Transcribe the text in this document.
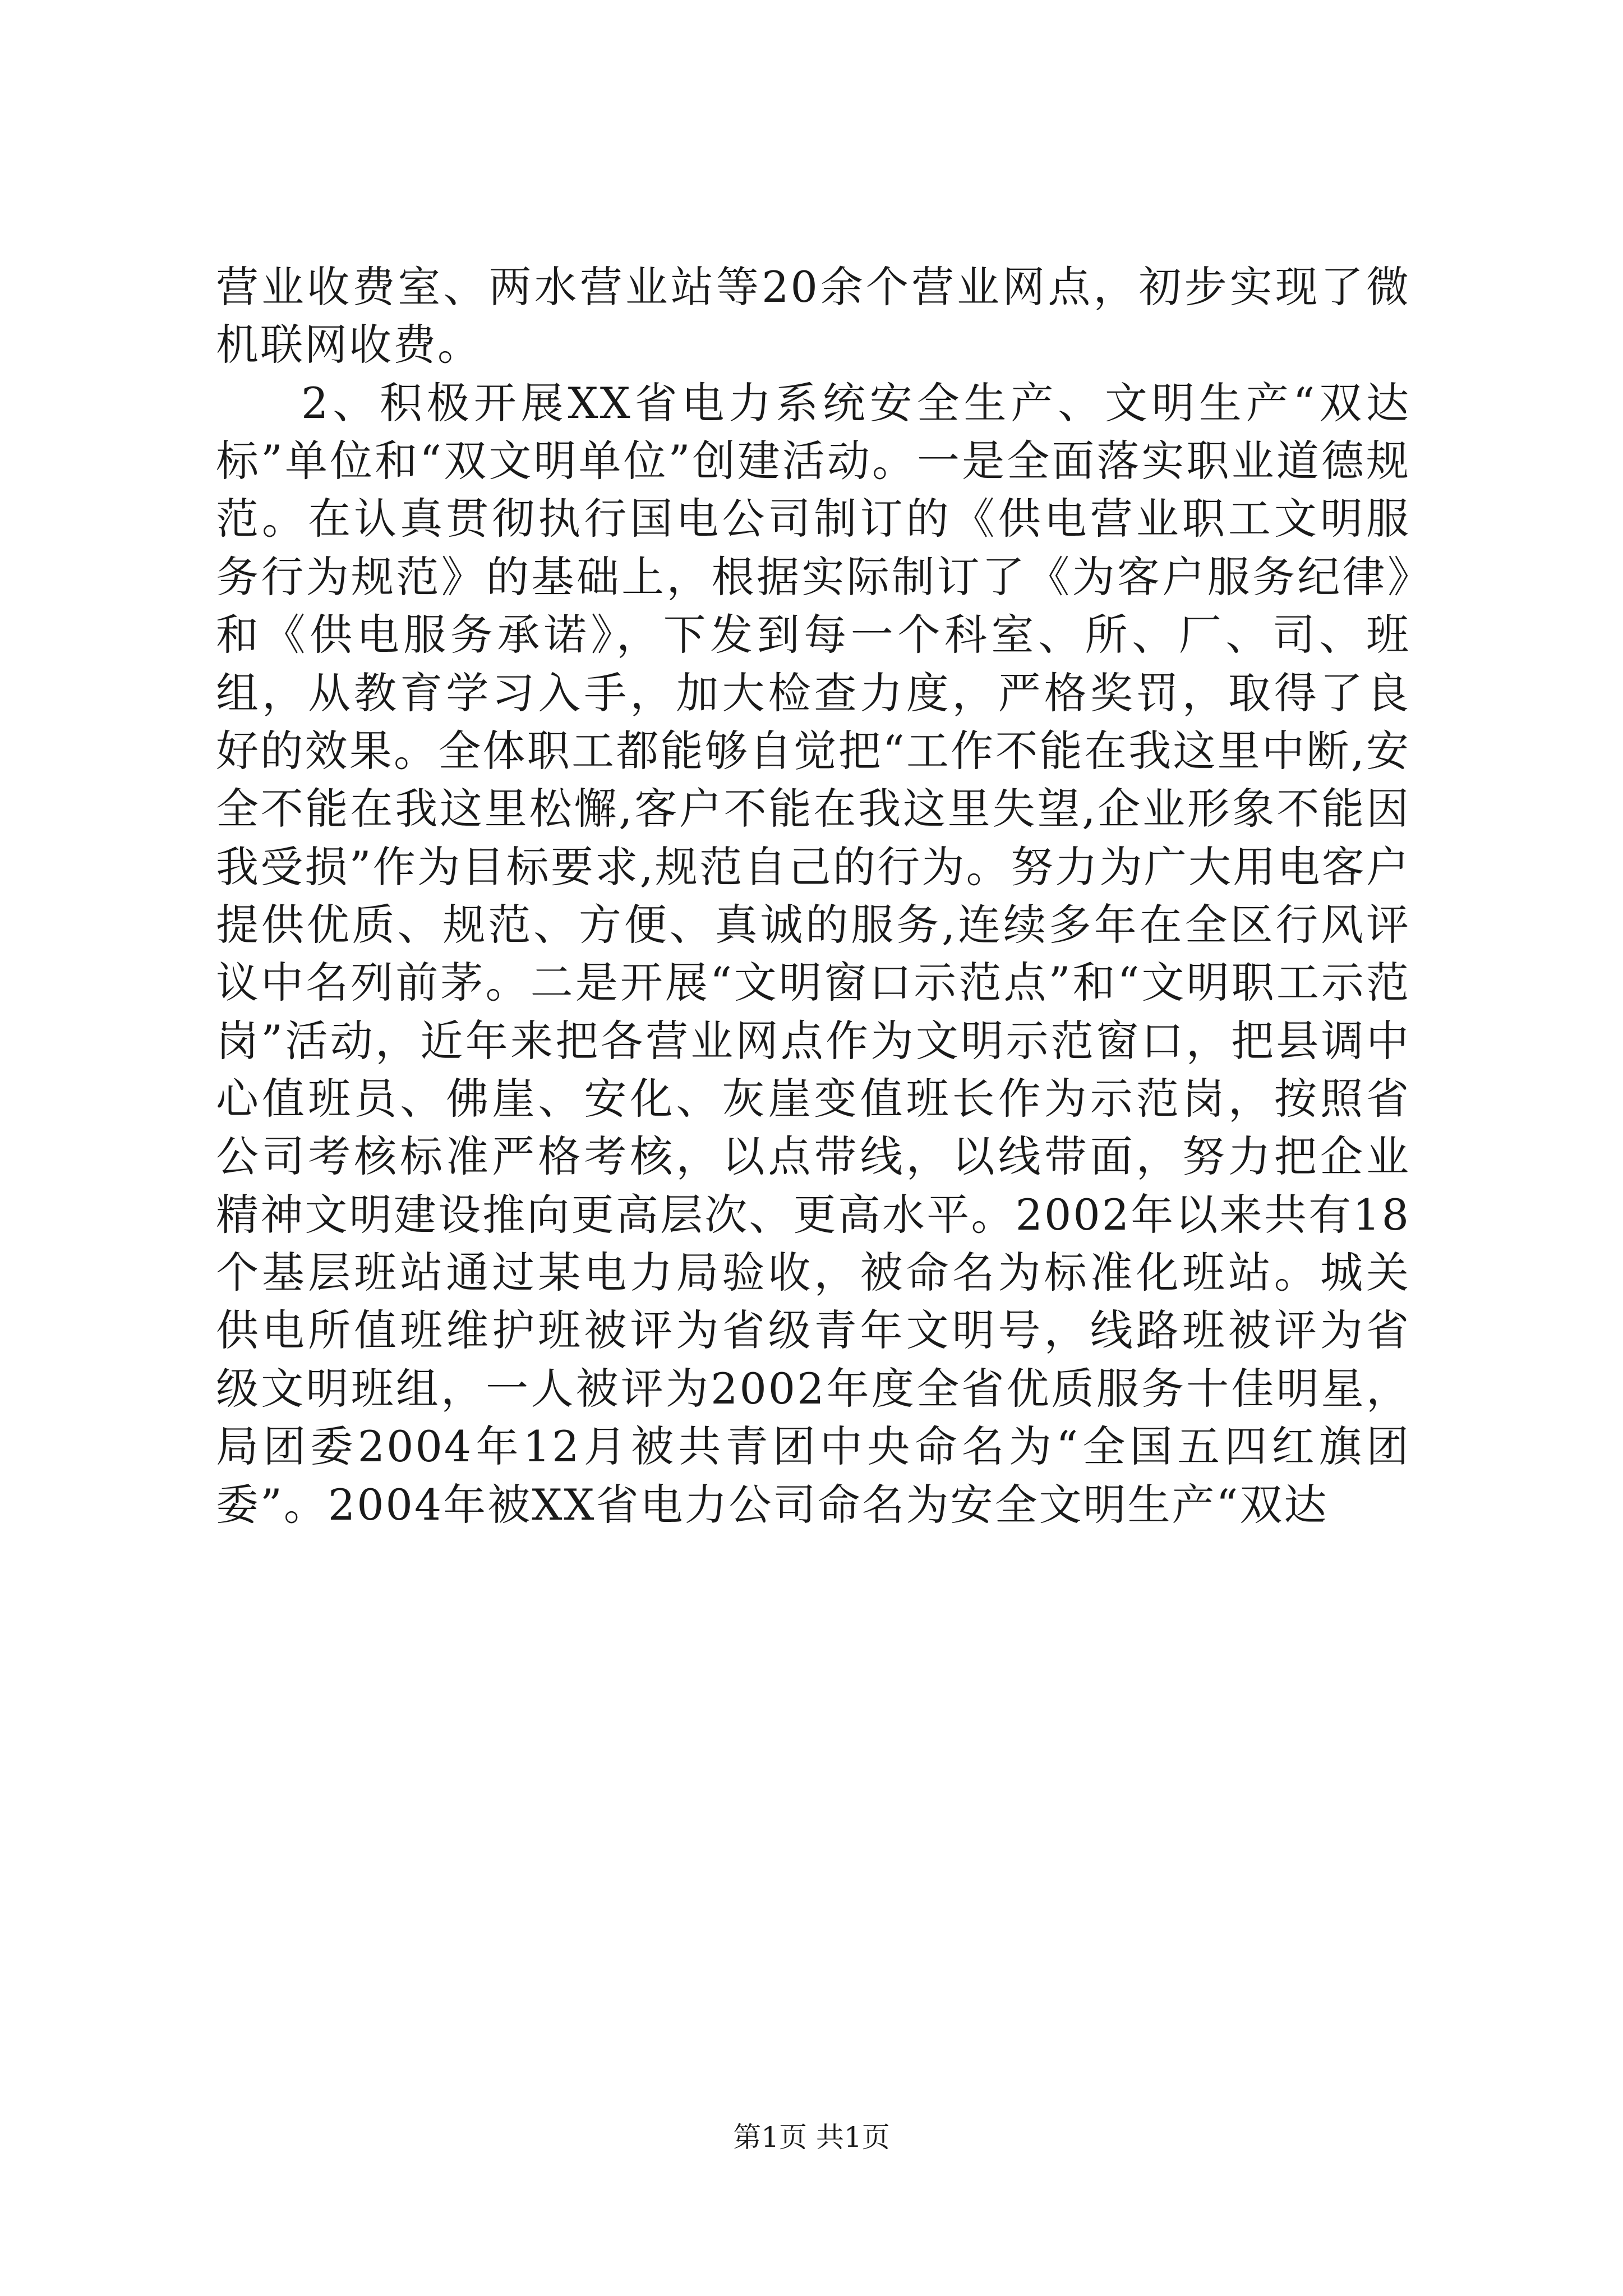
营业收费室、两水营业站等20余个营业网点，初步实现了微机联网收费。

2、积极开展XX省电力系统安全生产、文明生产“双达标”单位和“双文明单位”创建活动。一是全面落实职业道德规范。在认真贯彻执行国电公司制订的《供电营业职工文明服务行为规范》的基础上，根据实际制订了《为客户服务纪律》和《供电服务承诺》，下发到每一个科室、所、厂、司、班组，从教育学习入手，加大检查力度，严格奖罚，取得了良好的效果。全体职工都能够自觉把“工作不能在我这里中断,安全不能在我这里松懈,客户不能在我这里失望,企业形象不能因我受损”作为目标要求,规范自己的行为。努力为广大用电客户提供优质、规范、方便、真诚的服务,连续多年在全区行风评议中名列前茅。二是开展“文明窗口示范点”和“文明职工示范岗”活动，近年来把各营业网点作为文明示范窗口，把县调中心值班员、佛崖、安化、灰崖变值班长作为示范岗，按照省公司考核标准严格考核，以点带线，以线带面，努力把企业精神文明建设推向更高层次、更高水平。2002年以来共有18个基层班站通过某电力局验收，被命名为标准化班站。城关供电所值班维护班被评为省级青年文明号，线路班被评为省级文明班组，一人被评为2002年度全省优质服务十佳明星，局团委2004年12月被共青团中央命名为“全国五四红旗团委”。2004年被XX省电力公司命名为安全文明生产“双达

第1页 共1页
